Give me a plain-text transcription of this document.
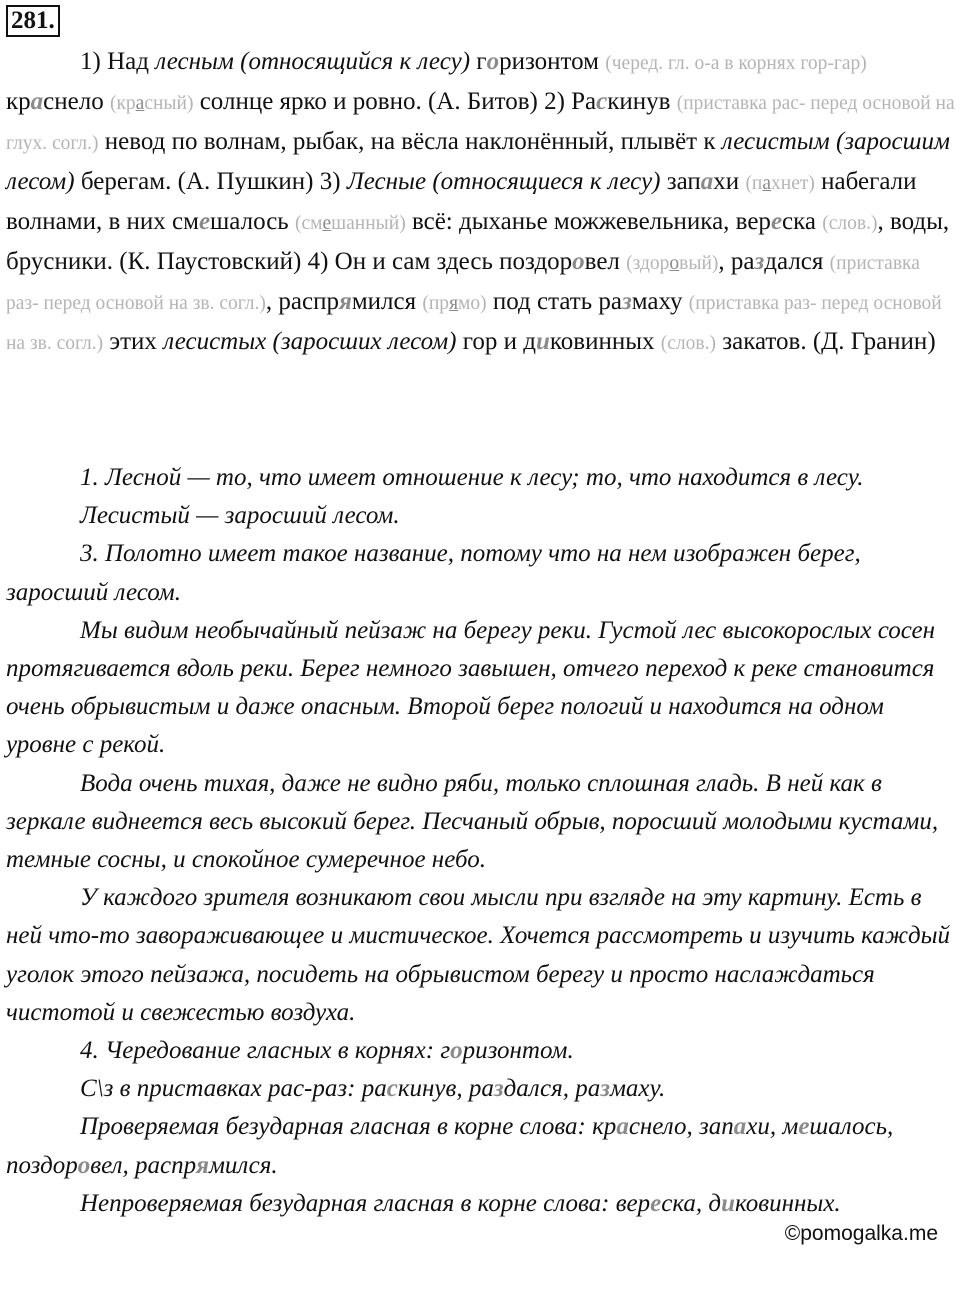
281.

1) Над лесным (относящийся к лесу) горизонтом (черед. гл. о-а в корнях гор-гар) краснело (красный) солнце ярко и ровно. (А. Битов) 2) Раскинув (приставка рас- перед основой на глух. согл.) невод по волнам, рыбак, на вёсла наклонённый, плывёт к лесистым (заросшим лесом) берегам. (А. Пушкин) 3) Лесные (относящиеся к лесу) запахи (пахнет) набегали волнами, в них смешалось (смешанный) всё: дыханье можжевельника, вереска (слов.), воды, брусники. (К. Паустовский) 4) Он и сам здесь поздоровел (здоровый), раздался (приставка раз- перед основой на зв. согл.), распрямился (прямо) под стать размаху (приставка раз- перед основой на зв. согл.) этих лесистых (заросших лесом) гор и диковинных (слов.) закатов. (Д. Гранин)

1. Лесной — то, что имеет отношение к лесу; то, что находится в лесу.

Лесистый — заросший лесом.

3. Полотно имеет такое название, потому что на нем изображен берег, заросший лесом.

Мы видим необычайный пейзаж на берегу реки. Густой лес высокорослых сосен протягивается вдоль реки. Берег немного завышен, отчего переход к реке становится очень обрывистым и даже опасным. Второй берег пологий и находится на одном уровне с рекой.

Вода очень тихая, даже не видно ряби, только сплошная гладь. В ней как в зеркале виднеется весь высокий берег. Песчаный обрыв, поросший молодыми кустами, темные сосны, и спокойное сумеречное небо.

У каждого зрителя возникают свои мысли при взгляде на эту картину. Есть в ней что-то завораживающее и мистическое. Хочется рассмотреть и изучить каждый уголок этого пейзажа, посидеть на обрывистом берегу и просто наслаждаться чистотой и свежестью воздуха.

4. Чередование гласных в корнях: горизонтом.

С\з в приставках рас-раз: раскинув, раздался, размаху.

Проверяемая безударная гласная в корне слова: краснело, запахи, мешалось, поздоровел, распрямился.

Непроверяемая безударная гласная в корне слова: вереска, диковинных.

©pomogalka.me
